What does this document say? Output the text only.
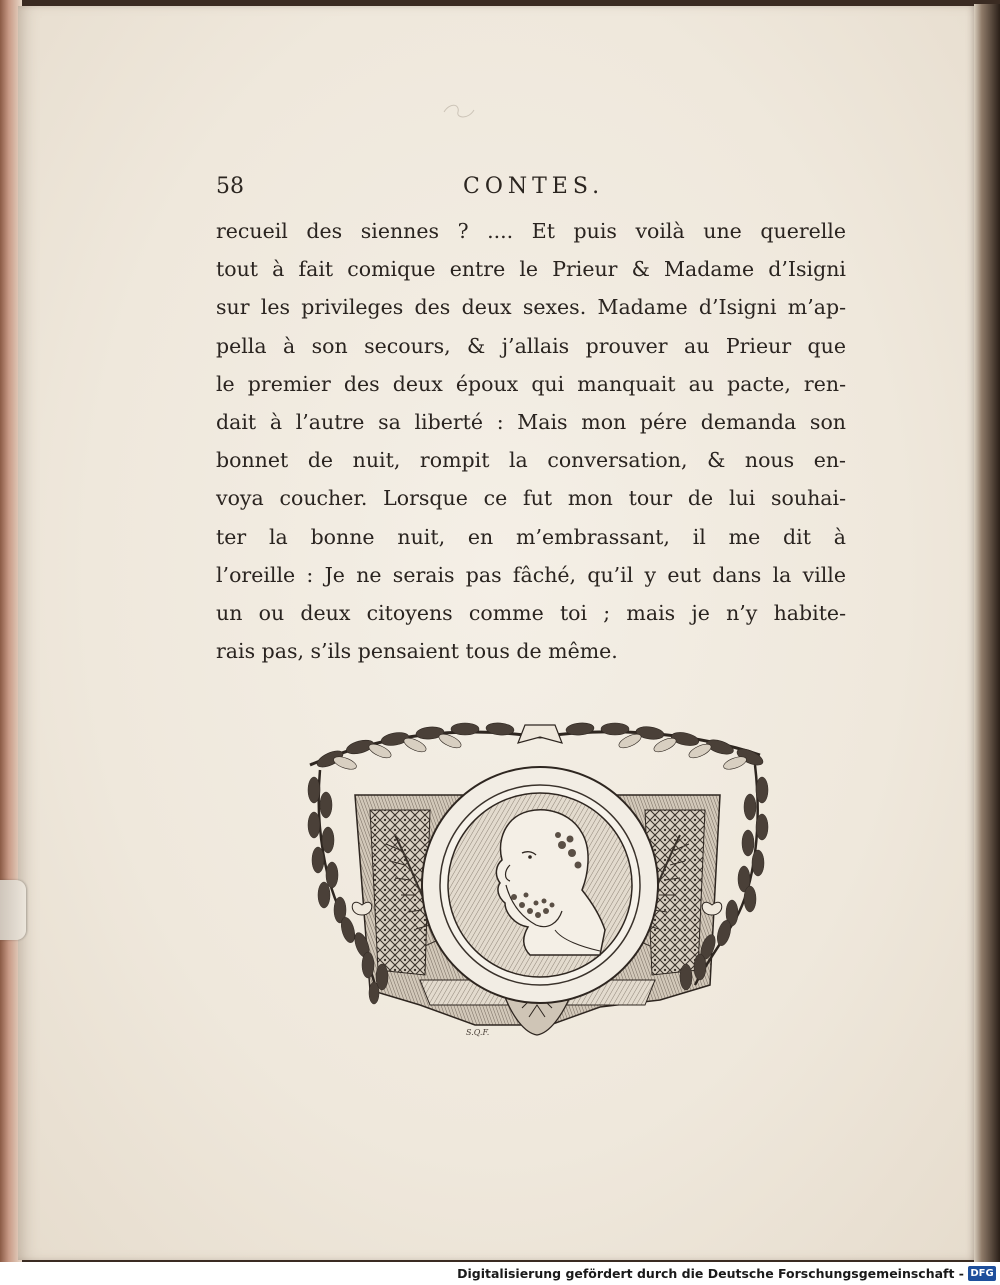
58	CONTES.
recueil des siennes ? .... Et puis voilà une querelle
tout à fait comique entre le Prieur & Madame d’Isigni
sur les privileges des deux sexes. Madame d’Isigni m’ap-
pella à son secours, & j’allais prouver au Prieur que
le premier des deux époux qui manquait au pacte, ren-
dait à l’autre sa liberté : Mais mon pére demanda son
bonnet de nuit, rompit la conversation, & nous en-
voya coucher. Lorsque ce fut mon tour de lui souhai-
ter la bonne nuit, en m’embrassant, il me dit à
l’oreille : Je ne serais pas fâché, qu’il y eut dans la ville
un ou deux citoyens comme toi ; mais je n’y habite-
rais pas, s’ils pensaient tous de même.
S.Q.F.
Digitalisierung gefördert durch die Deutsche Forschungsgemeinschaft - DFG
